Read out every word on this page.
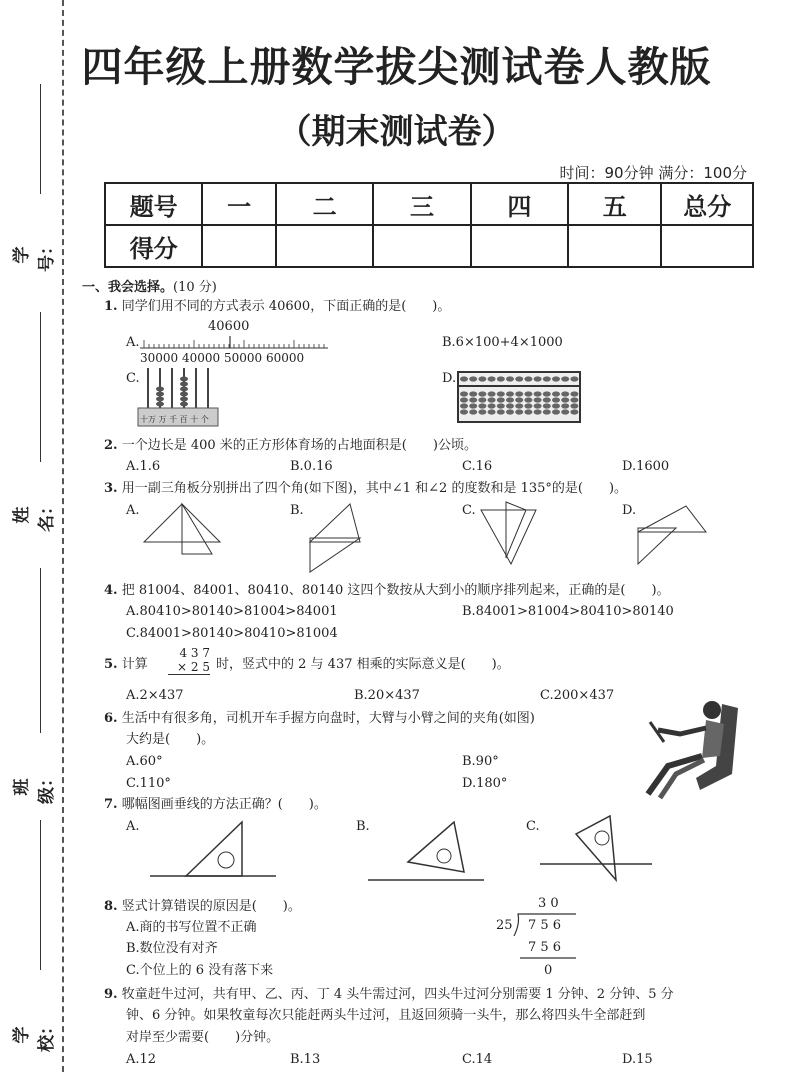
学号：
姓名：
班级：
学校：
四年级上册数学拔尖测试卷人教版
（期末测试卷）
时间：90分钟 满分：100分
题号	一	二	三	四	五	总分
得分						
一、我会选择。(10 分)
1. 同学们用不同的方式表示 40600，下面正确的是(　　)。
A.
40600
30000 40000 50000 60000
B.6×100+4×1000
C.
十万 万 千 百 十 个
D.
2. 一个边长是 400 米的正方形体育场的占地面积是(　　)公顷。
A.1.6	B.0.16	C.16	D.1600
3. 用一副三角板分别拼出了四个角(如下图)，其中∠1 和∠2 的度数和是 135°的是(　　)。
A.	B.	C.	D.
4. 把 81004、84001、80410、80140 这四个数按从大到小的顺序排列起来，正确的是(　　)。
A.80410>80140>81004>84001	B.84001>81004>80410>80140
C.84001>80140>80410>81004
5. 计算
4 3 7
× 2 5 时，竖式中的 2 与 437 相乘的实际意义是(　　)。
A.2×437	B.20×437	C.200×437
6. 生活中有很多角，司机开车手握方向盘时，大臂与小臂之间的夹角(如图)
大约是(　　)。
A.60°	B.90°
C.110°	D.180°
7. 哪幅图画垂线的方法正确？(　　)。
A.	B.	C.
8. 竖式计算错误的原因是(　　)。
A.商的书写位置不正确
B.数位没有对齐
C.个位上的 6 没有落下来
3 0
25 7 5 6
7 5 6
0
9. 牧童赶牛过河，共有甲、乙、丙、丁 4 头牛需过河，四头牛过河分别需要 1 分钟、2 分钟、5 分
钟、6 分钟。如果牧童每次只能赶两头牛过河，且返回须骑一头牛，那么将四头牛全部赶到
对岸至少需要(　　)分钟。
A.12	B.13	C.14	D.15
